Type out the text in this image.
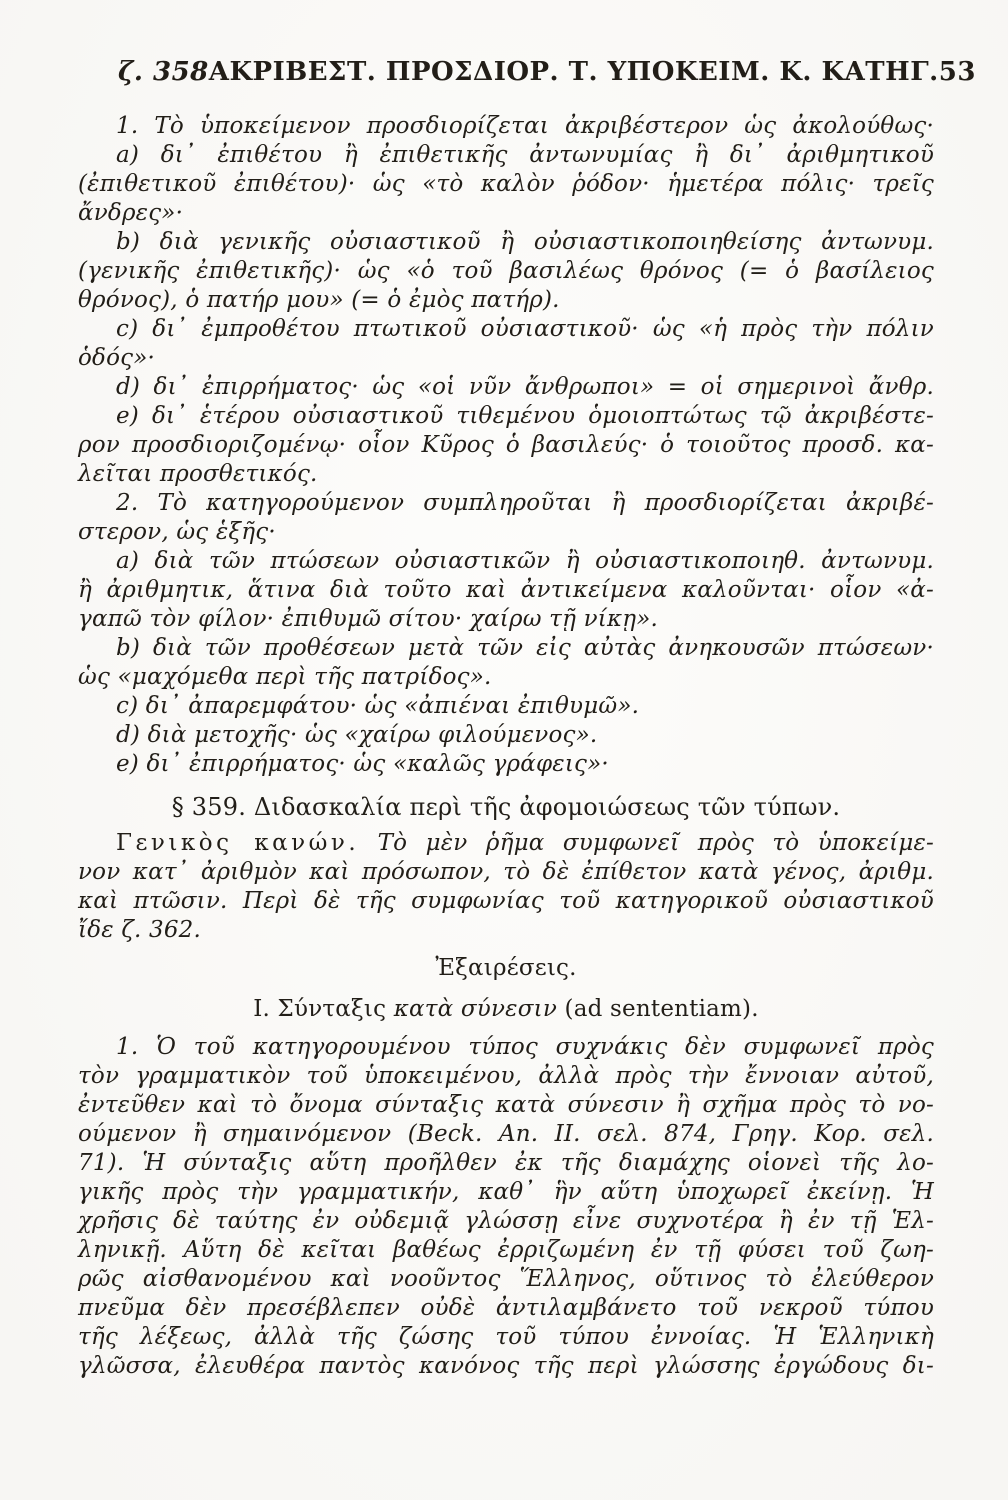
ζ. 358 ΑΚΡΙΒΕΣΤ. ΠΡΟΣΔΙΟΡ. Τ. ΥΠΟΚΕΙΜ. Κ. ΚΑΤΗΓ. 53
1. Τὸ ὑποκείμενον προσδιορίζεται ἀκριβέστερον ὡς ἀκολούθως·
a) δι᾽ ἐπιθέτου ἢ ἐπιθετικῆς ἀντωνυμίας ἢ δι᾽ ἀριθμητικοῦ
(ἐπιθετικοῦ ἐπιθέτου)· ὡς «τὸ καλὸν ῥόδον· ἡμετέρα πόλις· τρεῖς
ἄνδρες»·
b) διὰ γενικῆς οὐσιαστικοῦ ἢ οὐσιαστικοποιηθείσης ἀντωνυμ.
(γενικῆς ἐπιθετικῆς)· ὡς «ὁ τοῦ βασιλέως θρόνος (= ὁ βασίλειος
θρόνος), ὁ πατήρ μου» (= ὁ ἐμὸς πατήρ).
c) δι᾽ ἐμπροθέτου πτωτικοῦ οὐσιαστικοῦ· ὡς «ἡ πρὸς τὴν πόλιν
ὁδός»·
d) δι᾽ ἐπιρρήματος· ὡς «οἱ νῦν ἄνθρωποι» = οἱ σημερινοὶ ἄνθρ.
e) δι᾽ ἑτέρου οὐσιαστικοῦ τιθεμένου ὁμοιοπτώτως τῷ ἀκριβέστε-
ρον προσδιοριζομένῳ· οἷον Κῦρος ὁ βασιλεύς· ὁ τοιοῦτος προσδ. κα-
λεῖται προσθετικός.
2. Τὸ κατηγορούμενον συμπληροῦται ἢ προσδιορίζεται ἀκριβέ-
στερον, ὡς ἑξῆς·
a) διὰ τῶν πτώσεων οὐσιαστικῶν ἢ οὐσιαστικοποιηθ. ἀντωνυμ.
ἢ ἀριθμητικ, ἅτινα διὰ τοῦτο καὶ ἀντικείμενα καλοῦνται· οἷον «ἀ-
γαπῶ τὸν φίλον· ἐπιθυμῶ σίτου· χαίρω τῇ νίκῃ».
b) διὰ τῶν προθέσεων μετὰ τῶν εἰς αὐτὰς ἀνηκουσῶν πτώσεων·
ὡς «μαχόμεθα περὶ τῆς πατρίδος».
c) δι᾽ ἀπαρεμφάτου· ὡς «ἀπιέναι ἐπιθυμῶ».
d) διὰ μετοχῆς· ὡς «χαίρω φιλούμενος».
e) δι᾽ ἐπιρρήματος· ὡς «καλῶς γράφεις»·
§ 359. Διδασκαλία περὶ τῆς ἀφομοιώσεως τῶν τύπων.
Γενικὸς κανών. Τὸ μὲν ῥῆμα συμφωνεῖ πρὸς τὸ ὑποκείμε-
νον κατ᾽ ἀριθμὸν καὶ πρόσωπον, τὸ δὲ ἐπίθετον κατὰ γένος, ἀριθμ.
καὶ πτῶσιν. Περὶ δὲ τῆς συμφωνίας τοῦ κατηγορικοῦ οὐσιαστικοῦ
ἴδε ζ. 362.
Ἐξαιρέσεις.
I. Σύνταξις κατὰ σύνεσιν (ad sententiam).
1. Ὁ τοῦ κατηγορουμένου τύπος συχνάκις δὲν συμφωνεῖ πρὸς
τὸν γραμματικὸν τοῦ ὑποκειμένου, ἀλλὰ πρὸς τὴν ἔννοιαν αὐτοῦ,
ἐντεῦθεν καὶ τὸ ὄνομα σύνταξις κατὰ σύνεσιν ἢ σχῆμα πρὸς τὸ νο-
ούμενον ἢ σημαινόμενον (Beck. An. II. σελ. 874, Γρηγ. Κορ. σελ.
71). Ἡ σύνταξις αὕτη προῆλθεν ἐκ τῆς διαμάχης οἱονεὶ τῆς λο-
γικῆς πρὸς τὴν γραμματικήν, καθ᾽ ἣν αὕτη ὑποχωρεῖ ἐκείνῃ. Ἡ
χρῆσις δὲ ταύτης ἐν οὐδεμιᾷ γλώσσῃ εἶνε συχνοτέρα ἢ ἐν τῇ Ἑλ-
ληνικῇ. Αὕτη δὲ κεῖται βαθέως ἐρριζωμένη ἐν τῇ φύσει τοῦ ζωη-
ρῶς αἰσθανομένου καὶ νοοῦντος Ἕλληνος, οὕτινος τὸ ἐλεύθερον
πνεῦμα δὲν πρεσέβλεπεν οὐδὲ ἀντιλαμβάνετο τοῦ νεκροῦ τύπου
τῆς λέξεως, ἀλλὰ τῆς ζώσης τοῦ τύπου ἐννοίας. Ἡ Ἑλληνικὴ
γλῶσσα, ἐλευθέρα παντὸς κανόνος τῆς περὶ γλώσσης ἐργώδους δι-
